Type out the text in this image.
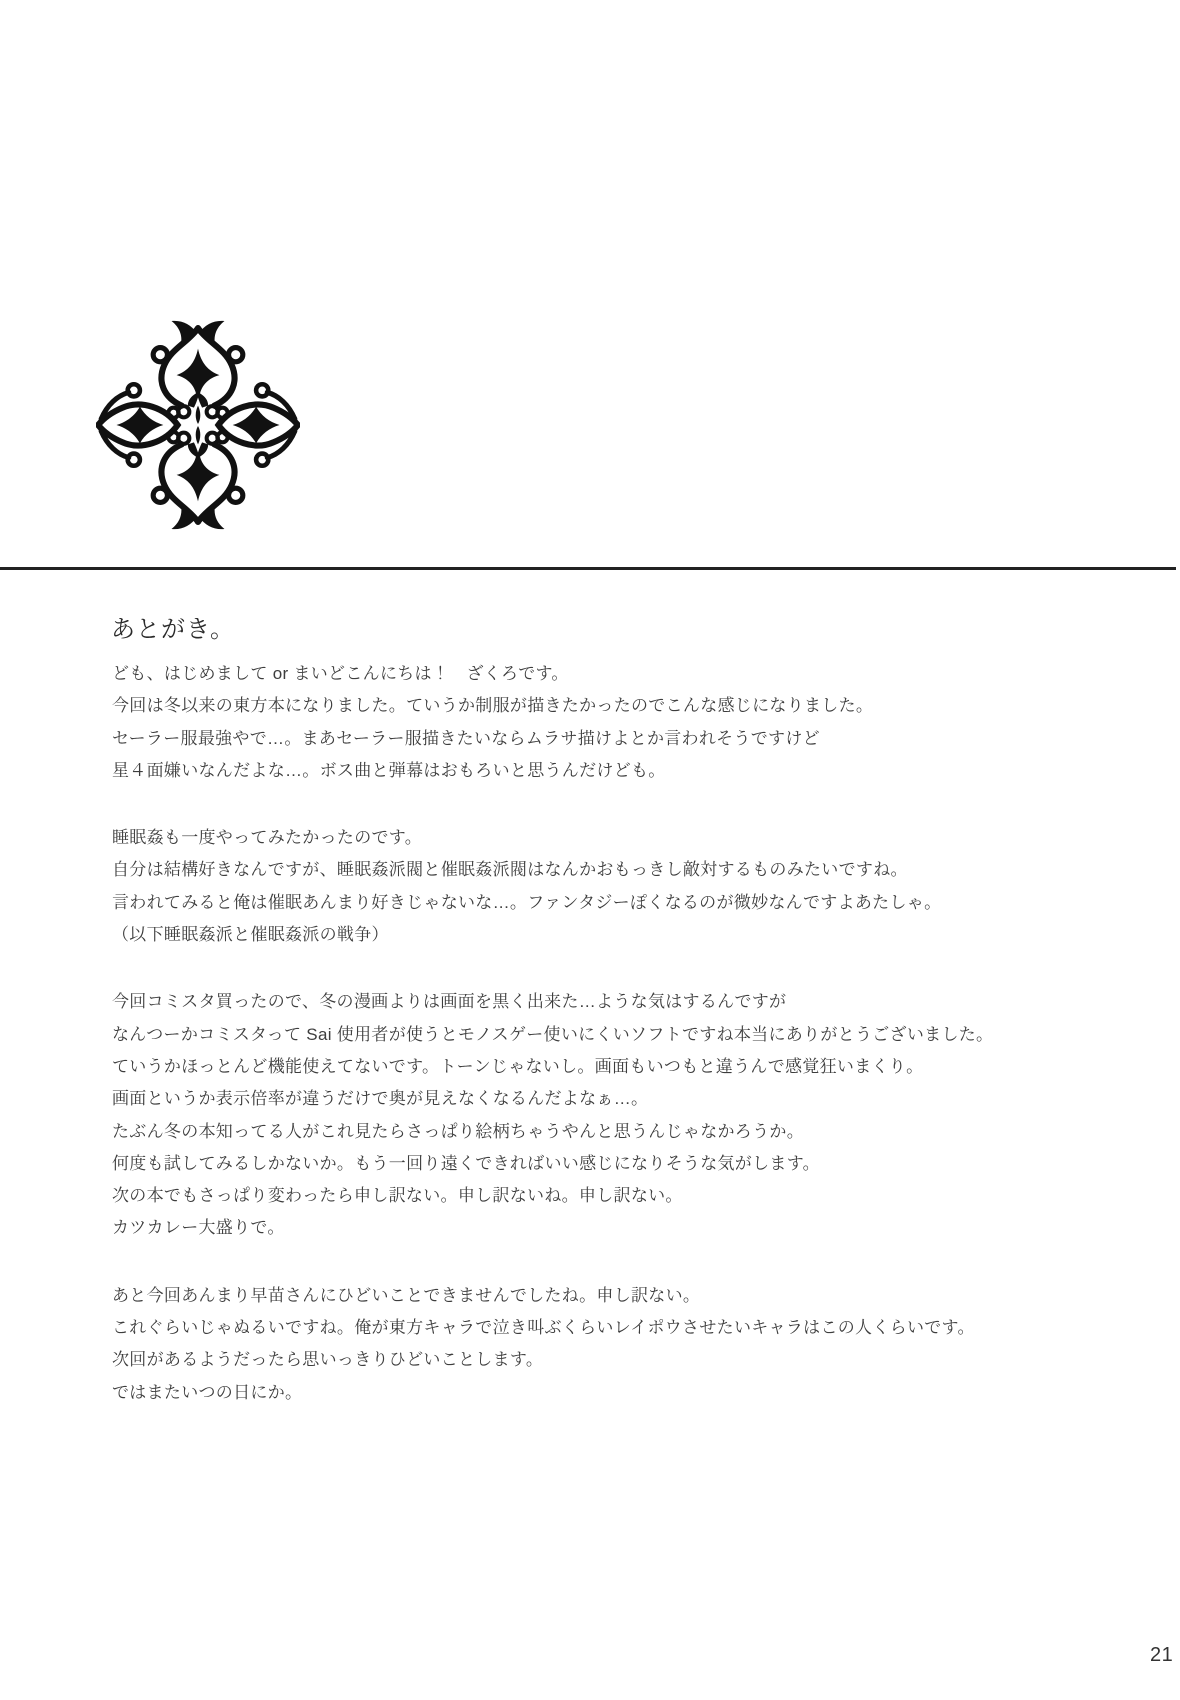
あとがき。

ども、はじめまして or まいどこんにちは！　ざくろです。
今回は冬以来の東方本になりました。ていうか制服が描きたかったのでこんな感じになりました。
セーラー服最強やで…。まあセーラー服描きたいならムラサ描けよとか言われそうですけど
星４面嫌いなんだよな…。ボス曲と弾幕はおもろいと思うんだけども。

睡眠姦も一度やってみたかったのです。
自分は結構好きなんですが、睡眠姦派閥と催眠姦派閥はなんかおもっきし敵対するものみたいですね。
言われてみると俺は催眠あんまり好きじゃないな…。ファンタジーぽくなるのが微妙なんですよあたしゃ。
（以下睡眠姦派と催眠姦派の戦争）

今回コミスタ買ったので、冬の漫画よりは画面を黒く出来た…ような気はするんですが
なんつーかコミスタって Sai 使用者が使うとモノスゲー使いにくいソフトですね本当にありがとうございました。
ていうかほっとんど機能使えてないです。トーンじゃないし。画面もいつもと違うんで感覚狂いまくり。
画面というか表示倍率が違うだけで奥が見えなくなるんだよなぁ…。
たぶん冬の本知ってる人がこれ見たらさっぱり絵柄ちゃうやんと思うんじゃなかろうか。
何度も試してみるしかないか。もう一回り遠くできればいい感じになりそうな気がします。
次の本でもさっぱり変わったら申し訳ない。申し訳ないね。申し訳ない。
カツカレー大盛りで。

あと今回あんまり早苗さんにひどいことできませんでしたね。申し訳ない。
これぐらいじゃぬるいですね。俺が東方キャラで泣き叫ぶくらいレイポウさせたいキャラはこの人くらいです。
次回があるようだったら思いっきりひどいことします。
ではまたいつの日にか。

21
